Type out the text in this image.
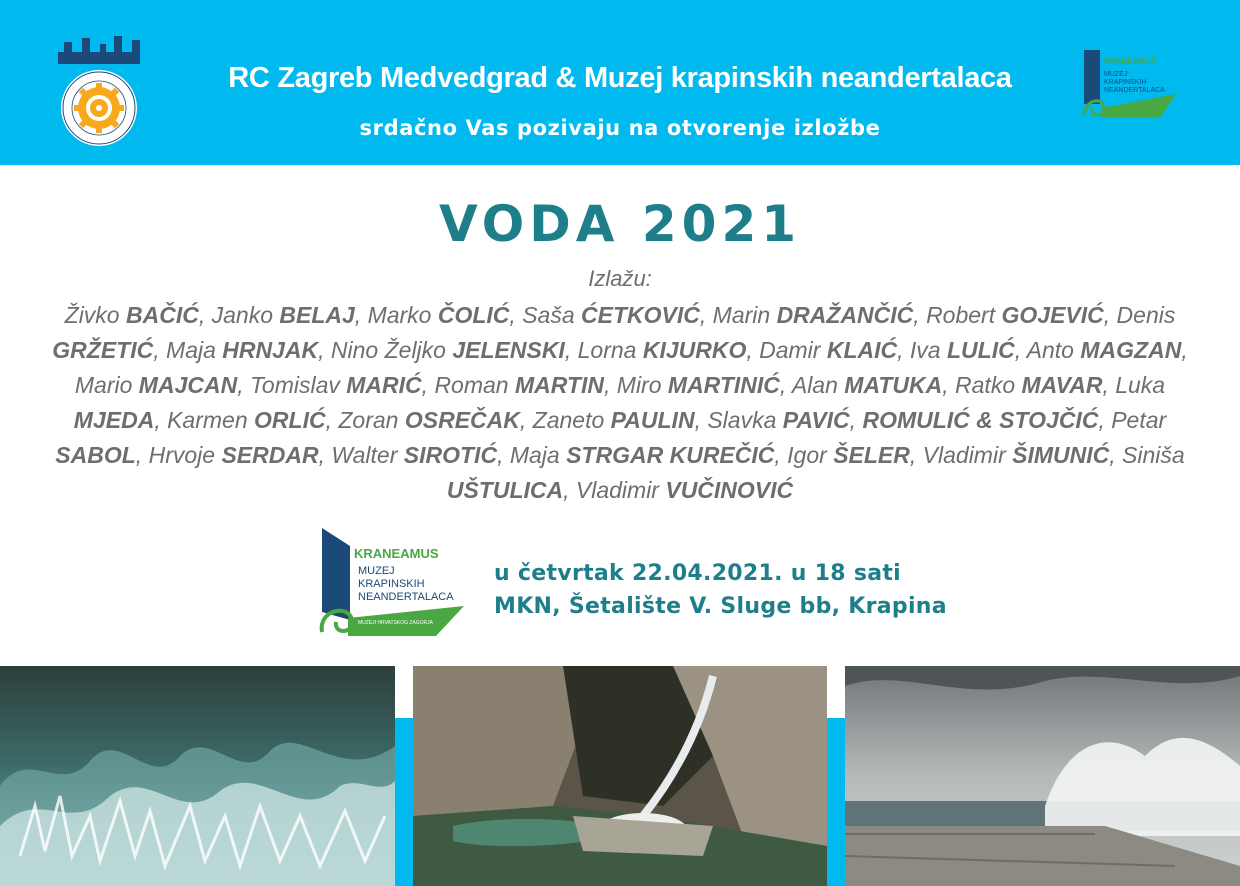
RC Zagreb Medvedgrad & Muzej krapinskih neandertalaca
srdačno Vas pozivaju na otvorenje izložbe
KRANEAMUS
MUZEJ
KRAPINSKIH
NEANDERTALACA
VODA 2021
Izlažu:
Živko BAČIĆ, Janko BELAJ, Marko ČOLIĆ, Saša ĆETKOVIĆ, Marin DRAŽANČIĆ, Robert GOJEVIĆ, Denis GRŽETIĆ, Maja HRNJAK, Nino Željko JELENSKI, Lorna KIJURKO, Damir KLAIĆ, Iva LULIĆ, Anto MAGZAN, Mario MAJCAN, Tomislav MARIĆ, Roman MARTIN, Miro MARTINIĆ, Alan MATUKA, Ratko MAVAR, Luka MJEDA, Karmen ORLIĆ, Zoran OSREČAK, Zaneto PAULIN, Slavka PAVIĆ, ROMULIĆ & STOJČIĆ, Petar SABOL, Hrvoje SERDAR, Walter SIROTIĆ, Maja STRGAR KUREČIĆ, Igor ŠELER, Vladimir ŠIMUNIĆ, Siniša UŠTULICA, Vladimir VUČINOVIĆ
KRANEAMUS
MUZEJ
KRAPINSKIH
NEANDERTALACA
MUZEJI HRVATSKOG ZAGORJA
u četvrtak 22.04.2021. u 18 sati
MKN, Šetalište V. Sluge bb, Krapina
